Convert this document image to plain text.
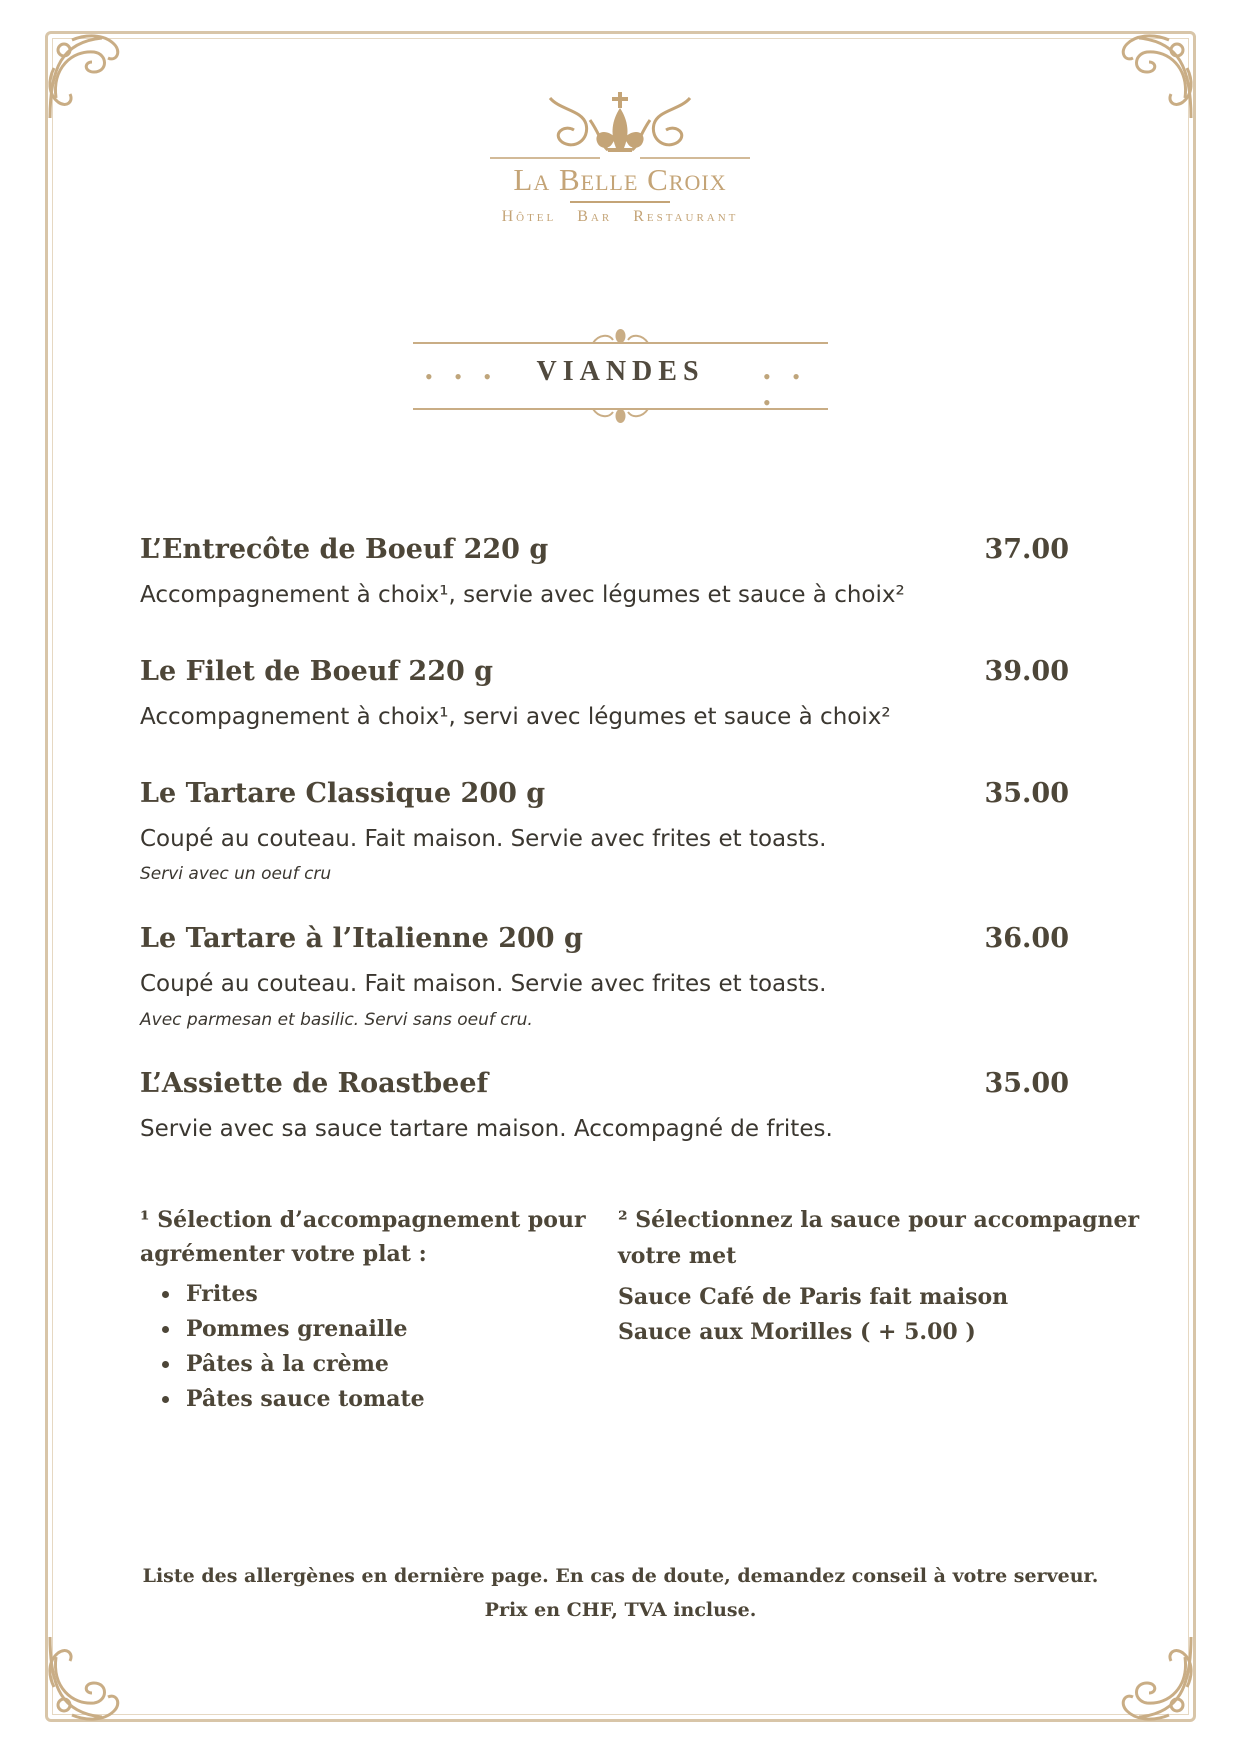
La Belle Croix
Hôtel   Bar   Restaurant
• • •	• • •
VIANDES
L’Entrecôte de Boeuf 220 g	37.00
Accompagnement à choix¹, servie avec légumes et sauce à choix²
Le Filet de Boeuf 220 g	39.00
Accompagnement à choix¹, servi avec légumes et sauce à choix²
Le Tartare Classique 200 g	35.00
Coupé au couteau. Fait maison. Servie avec frites et toasts.
Servi avec un oeuf cru
Le Tartare à l’Italienne 200 g	36.00
Coupé au couteau. Fait maison. Servie avec frites et toasts.
Avec parmesan et basilic. Servi sans oeuf cru.
L’Assiette de Roastbeef	35.00
Servie avec sa sauce tartare maison. Accompagné de frites.
¹ Sélection d’accompagnement pour
agrémenter votre plat :
• Frites
• Pommes grenaille
• Pâtes à la crème
• Pâtes sauce tomate
² Sélectionnez la sauce pour accompagner
votre met
Sauce Café de Paris fait maison
Sauce aux Morilles ( + 5.00 )
Liste des allergènes en dernière page. En cas de doute, demandez conseil à votre serveur.
Prix en CHF, TVA incluse.
